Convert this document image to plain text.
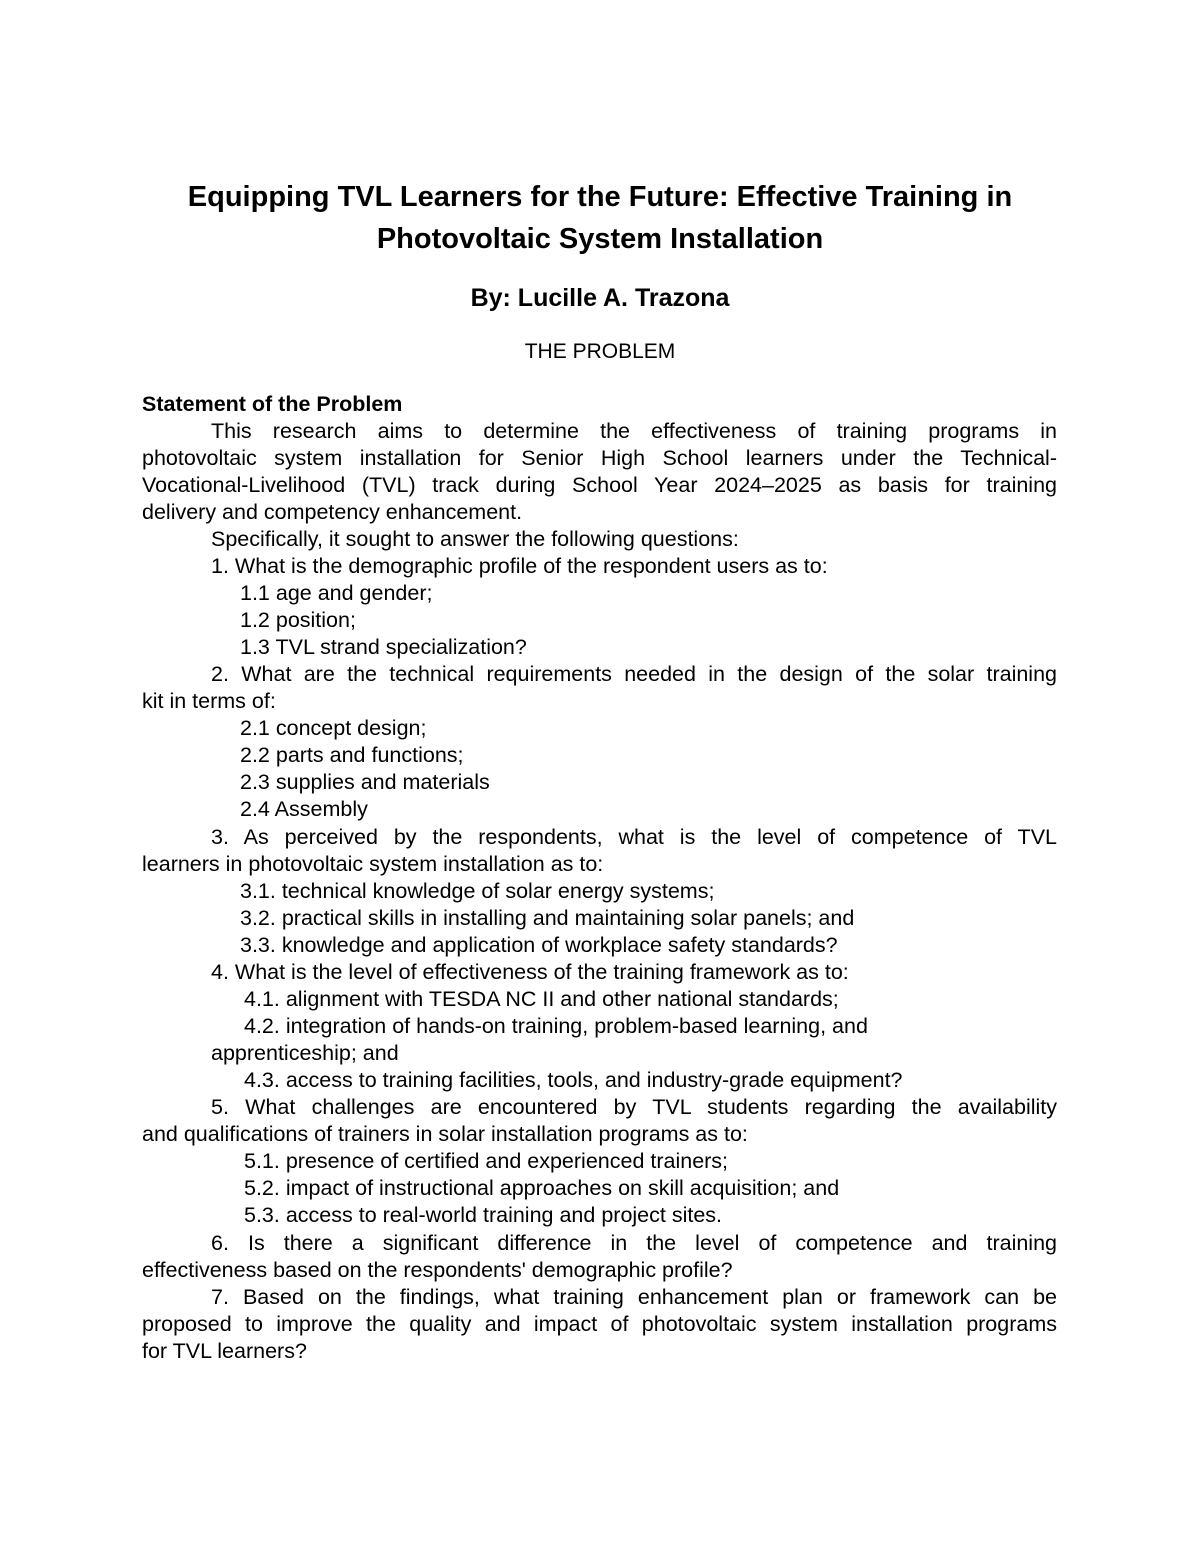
Equipping TVL Learners for the Future: Effective Training in
Photovoltaic System Installation
By: Lucille A. Trazona
THE PROBLEM
Statement of the Problem
This research aims to determine the effectiveness of training programs in
photovoltaic system installation for Senior High School learners under the Technical-
Vocational-Livelihood (TVL) track during School Year 2024–2025 as basis for training
delivery and competency enhancement.
Specifically, it sought to answer the following questions:
1. What is the demographic profile of the respondent users as to:
1.1 age and gender;
1.2 position;
1.3 TVL strand specialization?
2. What are the technical requirements needed in the design of the solar training
kit in terms of:
2.1 concept design;
2.2 parts and functions;
2.3 supplies and materials
2.4 Assembly
3. As perceived by the respondents, what is the level of competence of TVL
learners in photovoltaic system installation as to:
3.1. technical knowledge of solar energy systems;
3.2. practical skills in installing and maintaining solar panels; and
3.3. knowledge and application of workplace safety standards?
4. What is the level of effectiveness of the training framework as to:
4.1. alignment with TESDA NC II and other national standards;
4.2. integration of hands-on training, problem-based learning, and
apprenticeship; and
4.3. access to training facilities, tools, and industry-grade equipment?
5. What challenges are encountered by TVL students regarding the availability
and qualifications of trainers in solar installation programs as to:
5.1. presence of certified and experienced trainers;
5.2. impact of instructional approaches on skill acquisition; and
5.3. access to real-world training and project sites.
6. Is there a significant difference in the level of competence and training
effectiveness based on the respondents' demographic profile?
7. Based on the findings, what training enhancement plan or framework can be
proposed to improve the quality and impact of photovoltaic system installation programs
for TVL learners?
